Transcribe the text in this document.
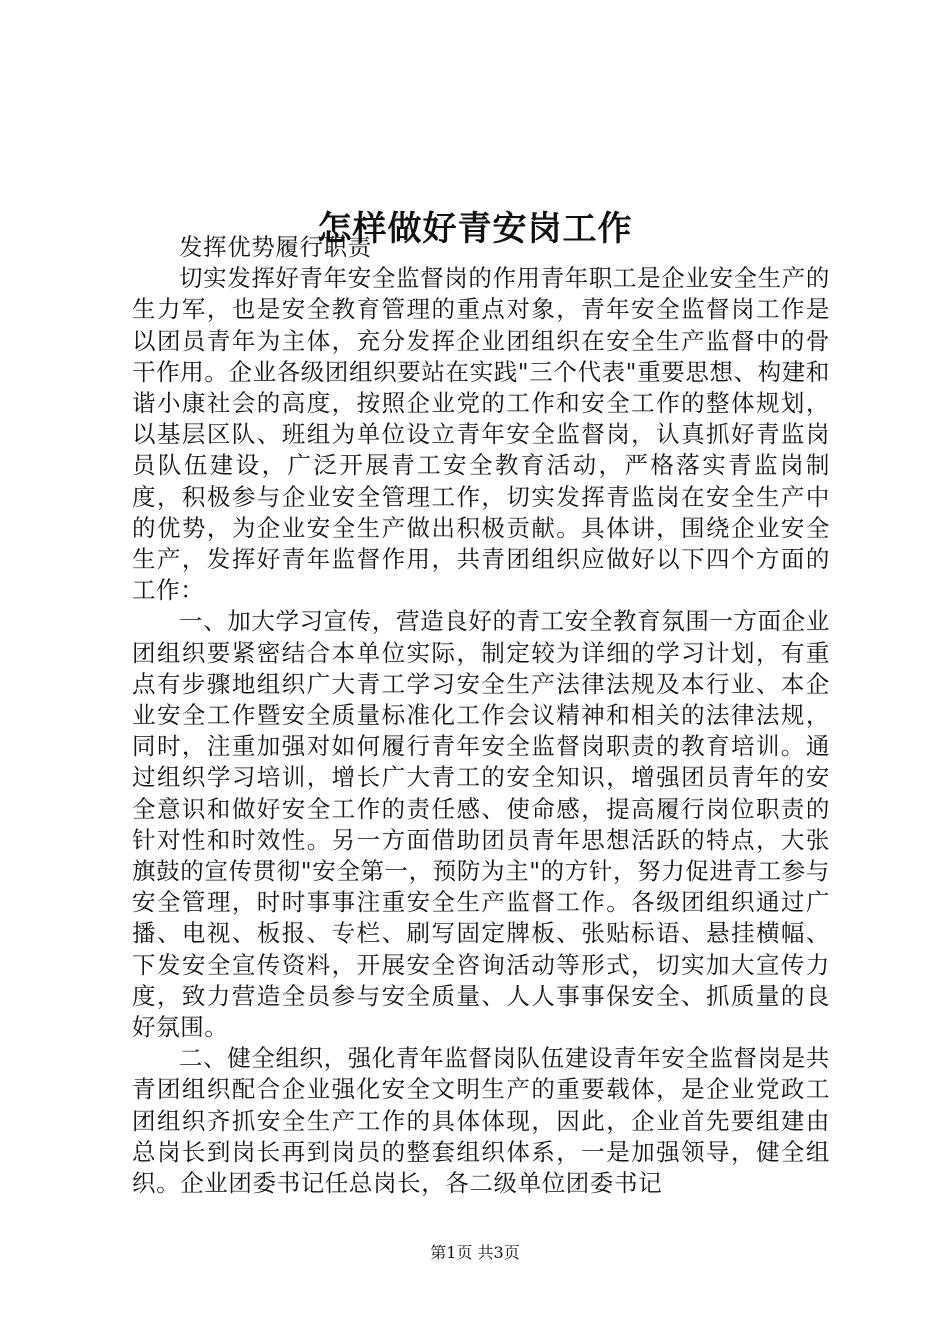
怎样做好青安岗工作

发挥优势履行职责

切实发挥好青年安全监督岗的作用青年职工是企业安全生产的生力军，也是安全教育管理的重点对象，青年安全监督岗工作是以团员青年为主体，充分发挥企业团组织在安全生产监督中的骨干作用。企业各级团组织要站在实践"三个代表"重要思想、构建和谐小康社会的高度，按照企业党的工作和安全工作的整体规划，以基层区队、班组为单位设立青年安全监督岗，认真抓好青监岗员队伍建设，广泛开展青工安全教育活动，严格落实青监岗制度，积极参与企业安全管理工作，切实发挥青监岗在安全生产中的优势，为企业安全生产做出积极贡献。具体讲，围绕企业安全生产，发挥好青年监督作用，共青团组织应做好以下四个方面的工作：

一、加大学习宣传，营造良好的青工安全教育氛围一方面企业团组织要紧密结合本单位实际，制定较为详细的学习计划，有重点有步骤地组织广大青工学习安全生产法律法规及本行业、本企业安全工作暨安全质量标准化工作会议精神和相关的法律法规，同时，注重加强对如何履行青年安全监督岗职责的教育培训。通过组织学习培训，增长广大青工的安全知识，增强团员青年的安全意识和做好安全工作的责任感、使命感，提高履行岗位职责的针对性和时效性。另一方面借助团员青年思想活跃的特点，大张旗鼓的宣传贯彻"安全第一，预防为主"的方针，努力促进青工参与安全管理，时时事事注重安全生产监督工作。各级团组织通过广播、电视、板报、专栏、刷写固定牌板、张贴标语、悬挂横幅、下发安全宣传资料，开展安全咨询活动等形式，切实加大宣传力度，致力营造全员参与安全质量、人人事事保安全、抓质量的良好氛围。

二、健全组织，强化青年监督岗队伍建设青年安全监督岗是共青团组织配合企业强化安全文明生产的重要载体，是企业党政工团组织齐抓安全生产工作的具体体现，因此，企业首先要组建由总岗长到岗长再到岗员的整套组织体系，一是加强领导，健全组织。企业团委书记任总岗长，各二级单位团委书记

第1页 共3页
